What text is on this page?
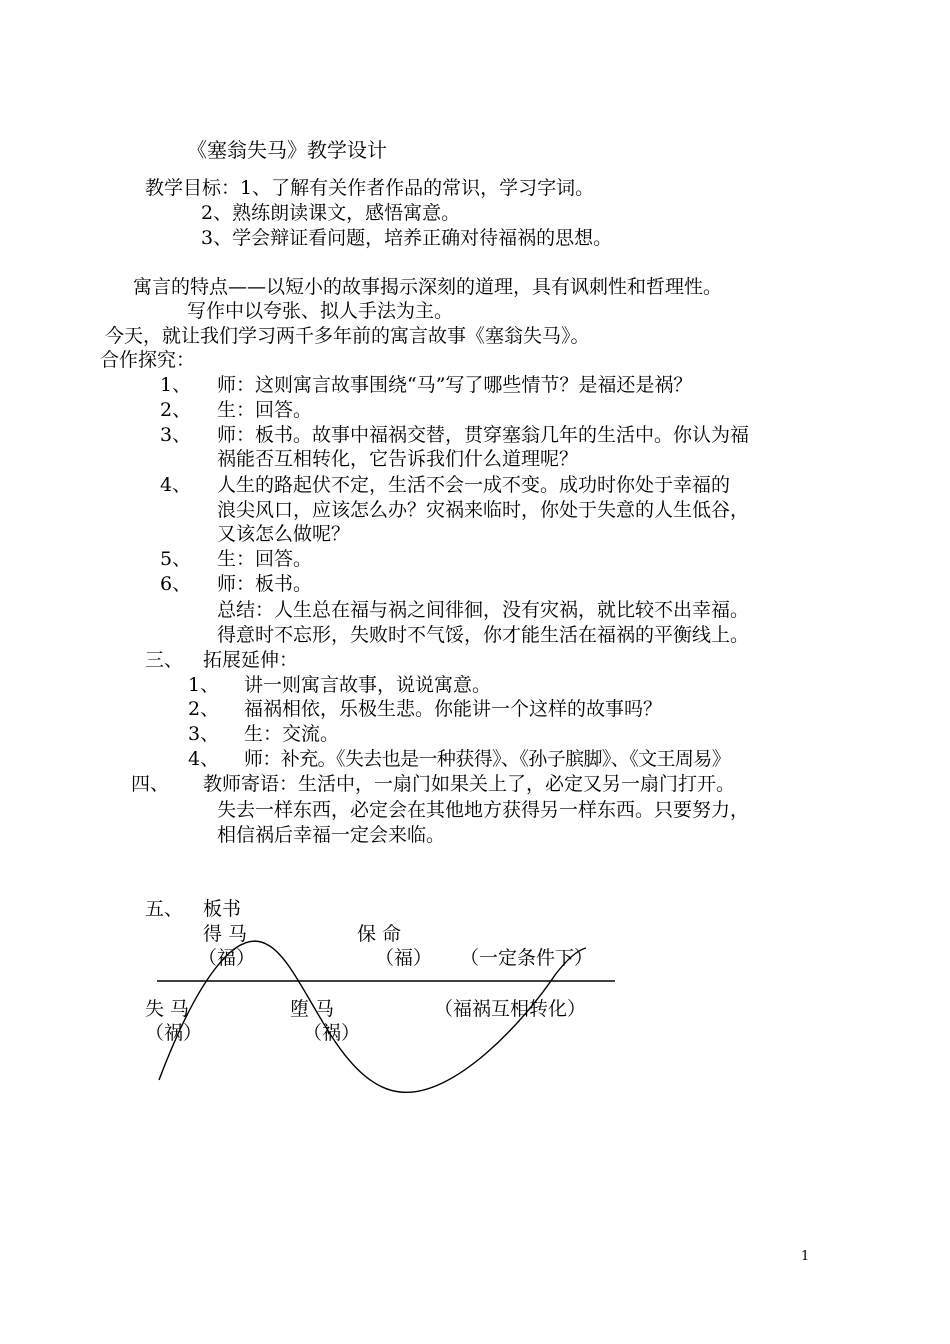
《塞翁失马》教学设计
教学目标：1、了解有关作者作品的常识，学习字词。
2、熟练朗读课文，感悟寓意。
3、学会辩证看问题，培养正确对待福祸的思想。
寓言的特点——以短小的故事揭示深刻的道理，具有讽刺性和哲理性。
写作中以夸张、拟人手法为主。
今天，就让我们学习两千多年前的寓言故事《塞翁失马》。
合作探究：
1、 师：这则寓言故事围绕“马”写了哪些情节？是福还是祸？
2、 生：回答。
3、 师：板书。故事中福祸交替，贯穿塞翁几年的生活中。你认为福
祸能否互相转化，它告诉我们什么道理呢？
4、 人生的路起伏不定，生活不会一成不变。成功时你处于幸福的
浪尖风口，应该怎么办？灾祸来临时，你处于失意的人生低谷，
又该怎么做呢？
5、 生：回答。
6、 师：板书。
总结：人生总在福与祸之间徘徊，没有灾祸，就比较不出幸福。
得意时不忘形，失败时不气馁，你才能生活在福祸的平衡线上。
三、 拓展延伸：
1、 讲一则寓言故事，说说寓意。
2、 福祸相依，乐极生悲。你能讲一个这样的故事吗？
3、 生：交流。
4、 师：补充。《失去也是一种获得》、《孙子膑脚》、《文王周易》
四、 教师寄语：生活中，一扇门如果关上了，必定又另一扇门打开。
失去一样东西，必定会在其他地方获得另一样东西。只要努力，
相信祸后幸福一定会来临。
五、 板书
得 马
（福）
保 命
（福） （一定条件下）
失 马
（祸）
堕 马
（祸）
（福祸互相转化）
1
